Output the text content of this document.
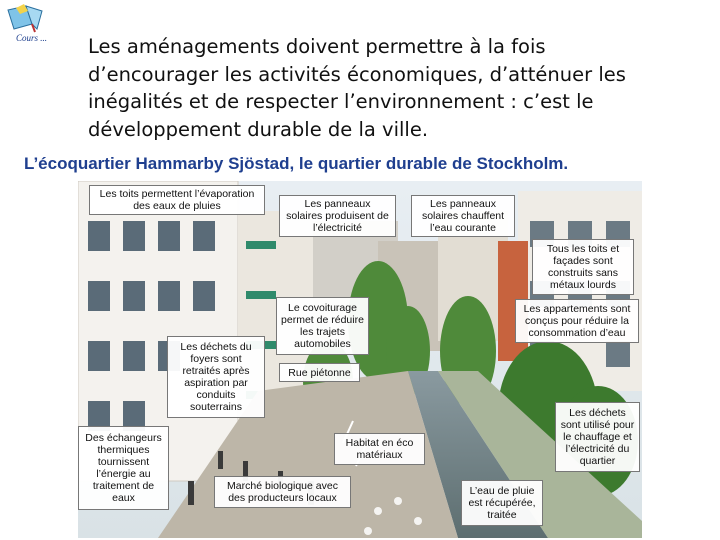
Cours ... Les aménagements doivent permettre à la fois
d’encourager les activités économiques, d’atténuer les
inégalités et de respecter l’environnement : c’est le
développement durable de la ville.

L’écoquartier Hammarby Sjöstad, le quartier durable de Stockholm.

Les toits permettent l’évaporation
des eaux de pluies	Les panneaux
solaires produisent de
l’électricité
Les panneaux
solaires chauffent
l’eau courante
Tous les toits et
façades sont
construits sans
métaux lourds
Le covoiturage
permet de réduire
les trajets
automobiles
Les appartements sont
conçus pour réduire la
consommation d’eau
Les déchets du
foyers sont
retraités après
aspiration par
conduits
souterrains
Rue piétonne
Des échangeurs
thermiques
tournissent
l’énergie au
traitement de
eaux
Habitat en éco
matériaux
Les déchets
sont utilisé pour
le chauffage et
l’électricité du
quartier
Marché biologique avec
des producteurs locaux
L’eau de pluie
est récupérée,
traitée
